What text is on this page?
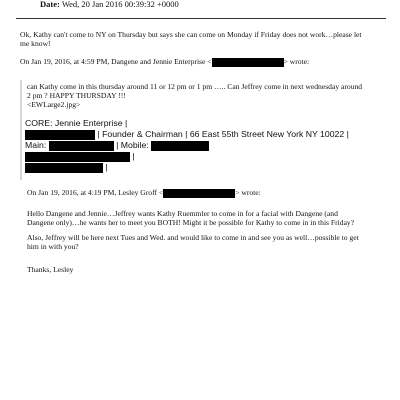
Date: Wed, 20 Jan 2016 00:39:32 +0000
Ok, Kathy can't come to NY on Thursday but says she can come on Monday if Friday does not work…please let
me know!
On Jan 19, 2016, at 4:59 PM, Dangene and Jennie Enterprise <	> wrote:
can Kathy come in this thursday around 11 or 12 pm or 1 pm ….. Can Jeffrey come in next wednesday around
2 pm ? HAPPY THURSDAY !!!
<EWLarge2.jpg>
CORE: Jennie Enterprise |
| Founder & Chairman | 66 East 55th Street New York NY 10022 |
Main:	| Mobile:
|
|
On Jan 19, 2016, at 4:19 PM, Lesley Groff <	> wrote:
Hello Dangene and Jennie…Jeffrey wants Kathy Ruemmler to come in for a facial with Dangene (and
Dangene only)…he wants her to meet you BOTH! Might it be possible for Kathy to come in in this Friday?
Also, Jeffrey will be here next Tues and Wed. and would like to come in and see you as well…possible to get
him in with you?
Thanks, Lesley
